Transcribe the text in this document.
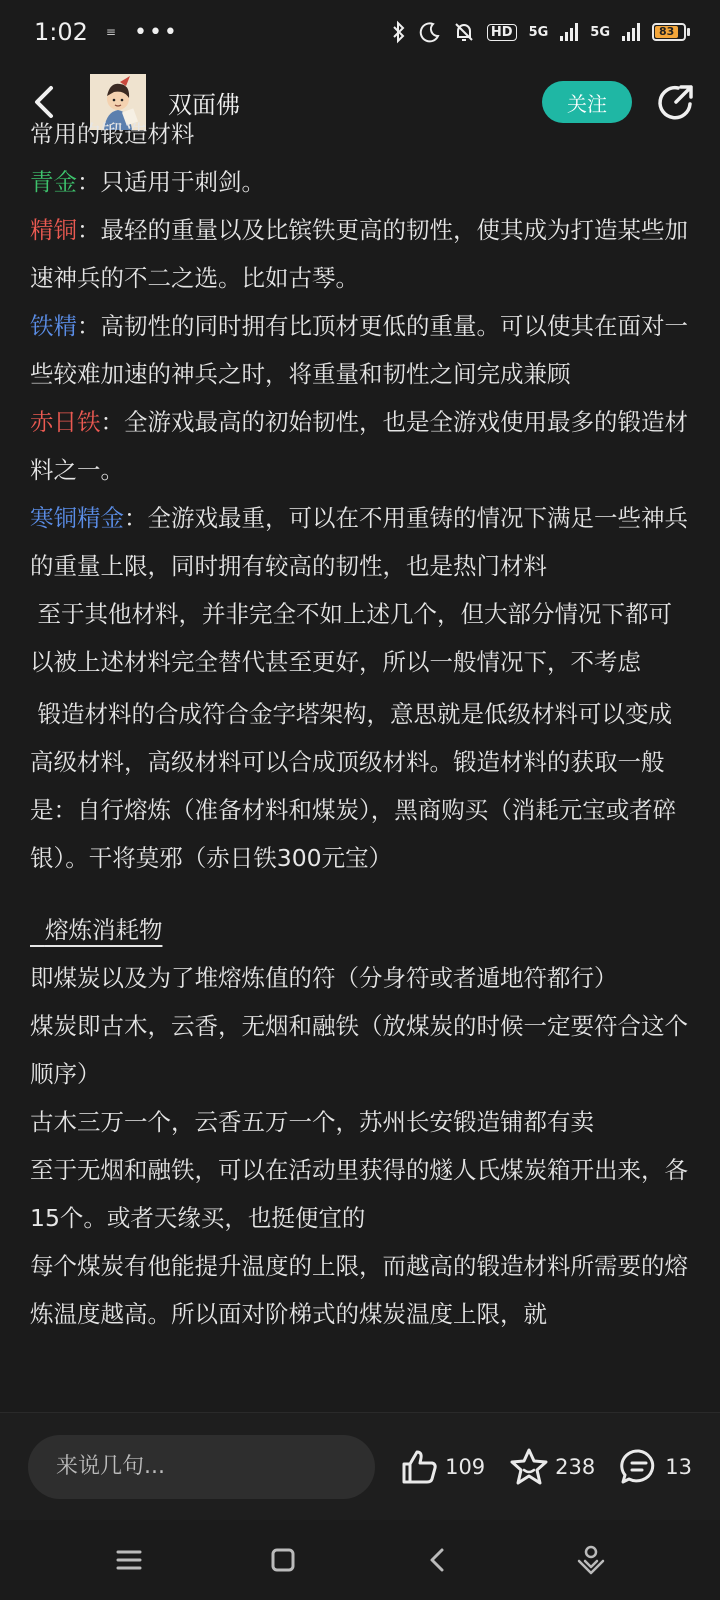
1:02 ≡ •••	HD	5G	5G	83
双面佛	关注

常用的锻造材料

青金：只适用于刺剑。

精铜：最轻的重量以及比镔铁更高的韧性，使其成为打造某些加速神兵的不二之选。比如古琴。

铁精：高韧性的同时拥有比顶材更低的重量。可以使其在面对一些较难加速的神兵之时，将重量和韧性之间完成兼顾

赤日铁：全游戏最高的初始韧性，也是全游戏使用最多的锻造材料之一。

寒铜精金：全游戏最重，可以在不用重铸的情况下满足一些神兵的重量上限，同时拥有较高的韧性，也是热门材料

至于其他材料，并非完全不如上述几个，但大部分情况下都可以被上述材料完全替代甚至更好，所以一般情况下，不考虑

锻造材料的合成符合金字塔架构，意思就是低级材料可以变成高级材料，高级材料可以合成顶级材料。锻造材料的获取一般是：自行熔炼（准备材料和煤炭），黑商购买（消耗元宝或者碎银）。干将莫邪（赤日铁300元宝）

熔炼消耗物

即煤炭以及为了堆熔炼值的符（分身符或者遁地符都行）

煤炭即古木，云香，无烟和融铁（放煤炭的时候一定要符合这个顺序）

古木三万一个，云香五万一个，苏州长安锻造铺都有卖

至于无烟和融铁，可以在活动里获得的燧人氏煤炭箱开出来，各15个。或者天缘买，也挺便宜的

每个煤炭有他能提升温度的上限，而越高的锻造材料所需要的熔炼温度越高。所以面对阶梯式的煤炭温度上限，就

来说几句...
109	238	13
